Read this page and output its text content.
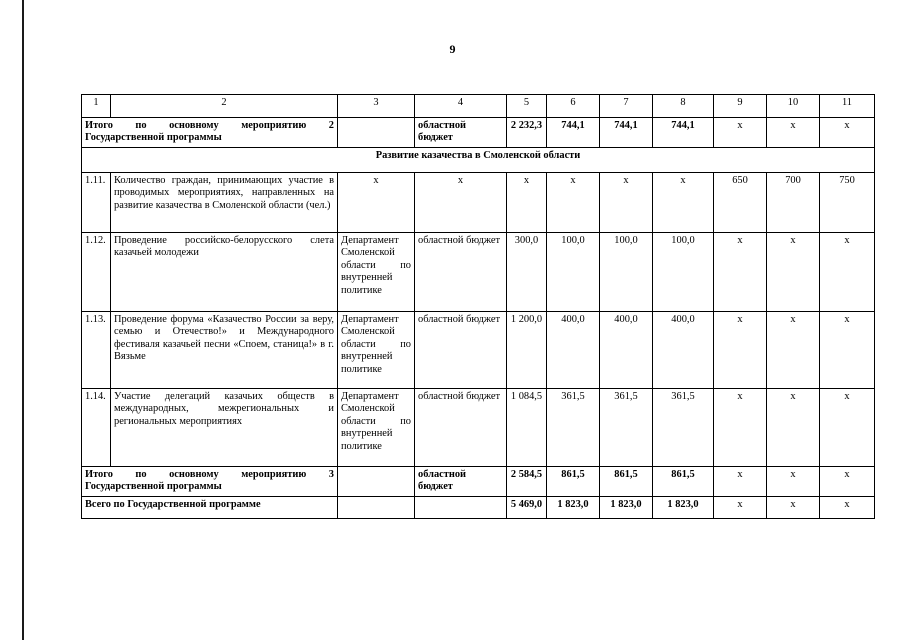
9
1	2	3	4	5	6	7	8	9	10	11
Итого по основному мероприятию 2 Государственной программы			областной бюджет	2 232,3	744,1	744,1	744,1	х	х	х
Развитие казачества в Смоленской области										
1.11.	Количество граждан, принимающих участие в проводимых мероприятиях, направленных на развитие казачества в Смоленской области (чел.)	х	х	х	х	х	х	650	700	750
1.12.	Проведение российско-белорусского слета казачьей молодежи	Департамент Смоленской области по внутренней политике	областной бюджет	300,0	100,0	100,0	100,0	х	х	х
1.13.	Проведение форума «Казачество России за веру, семью и Отечество!» и Международного фестиваля казачьей песни «Споем, станица!» в г. Вязьме	Департамент Смоленской области по внутренней политике	областной бюджет	1 200,0	400,0	400,0	400,0	х	х	х
1.14.	Участие делегаций казачьих обществ в международных, межрегиональных и региональных мероприятиях	Департамент Смоленской области по внутренней политике	областной бюджет	1 084,5	361,5	361,5	361,5	х	х	х
Итого по основному мероприятию 3 Государственной программы			областной бюджет	2 584,5	861,5	861,5	861,5	х	х	х
Всего по Государственной программе				5 469,0	1 823,0	1 823,0	1 823,0	х	х	х
